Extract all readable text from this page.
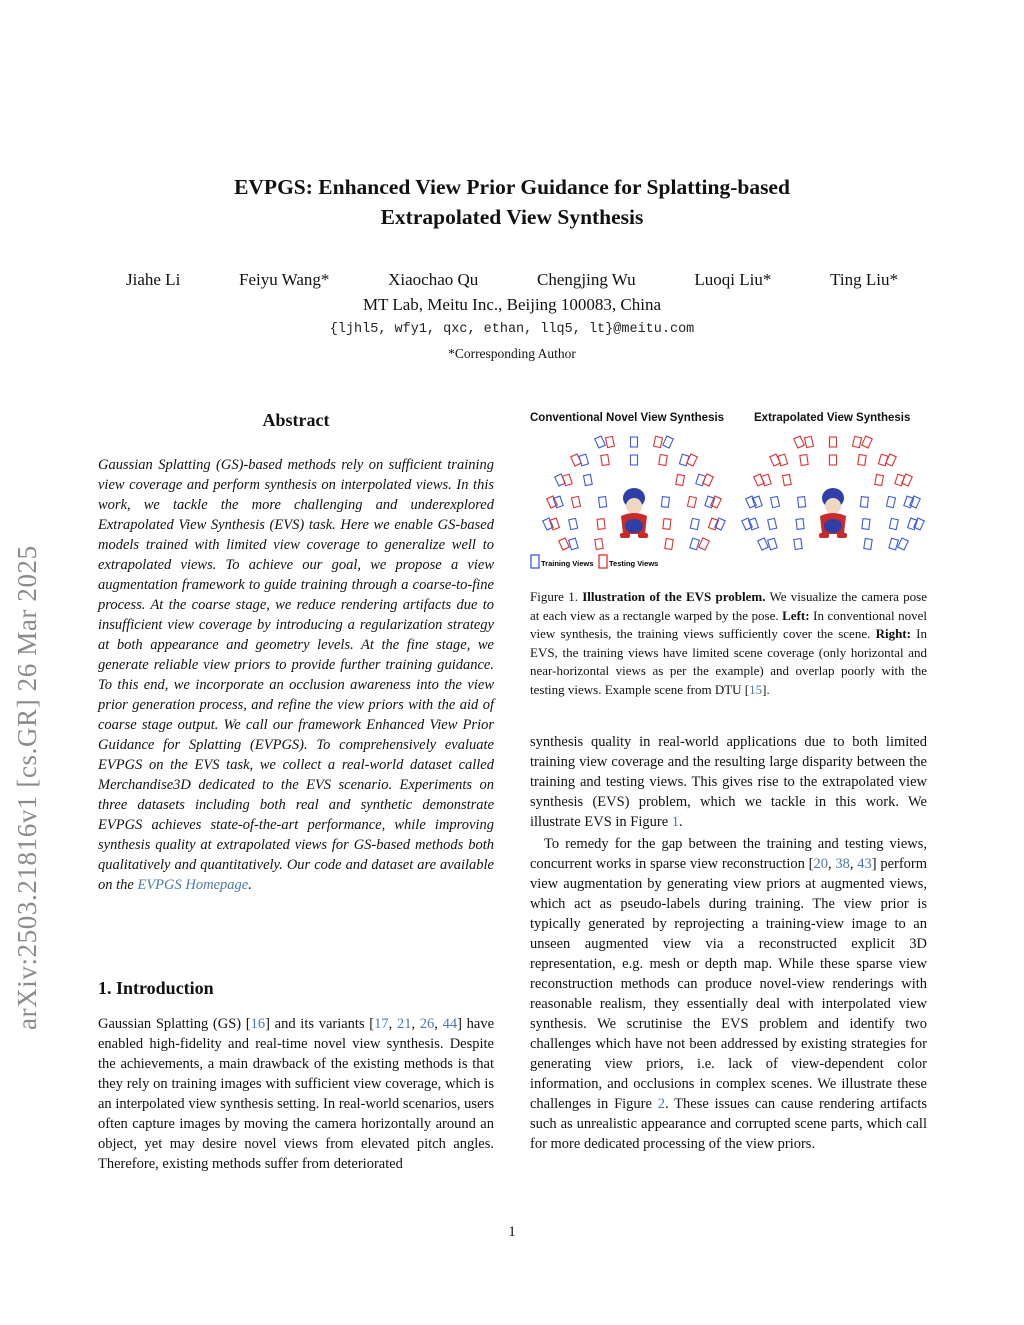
arXiv:2503.21816v1 [cs.GR] 26 Mar 2025
EVPGS: Enhanced View Prior Guidance for Splatting-based
Extrapolated View Synthesis
Jiahe Li	Feiyu Wang*	Xiaochao Qu	Chengjing Wu	Luoqi Liu*	Ting Liu*
MT Lab, Meitu Inc., Beijing 100083, China
{ljhl5, wfy1, qxc, ethan, llq5, lt}@meitu.com
*Corresponding Author
Abstract
Gaussian Splatting (GS)-based methods rely on sufficient training view coverage and perform synthesis on interpolated views. In this work, we tackle the more challenging and underexplored Extrapolated View Synthesis (EVS) task. Here we enable GS-based models trained with limited view coverage to generalize well to extrapolated views. To achieve our goal, we propose a view augmentation framework to guide training through a coarse-to-fine process. At the coarse stage, we reduce rendering artifacts due to insufficient view coverage by introducing a regularization strategy at both appearance and geometry levels. At the fine stage, we generate reliable view priors to provide further training guidance. To this end, we incorporate an occlusion awareness into the view prior generation process, and refine the view priors with the aid of coarse stage output. We call our framework Enhanced View Prior Guidance for Splatting (EVPGS). To comprehensively evaluate EVPGS on the EVS task, we collect a real-world dataset called Merchandise3D dedicated to the EVS scenario. Experiments on three datasets including both real and synthetic demonstrate EVPGS achieves state-of-the-art performance, while improving synthesis quality at extrapolated views for GS-based methods both qualitatively and quantitatively. Our code and dataset are available on the EVPGS Homepage.
1. Introduction

Gaussian Splatting (GS) [16] and its variants [17, 21, 26, 44] have enabled high-fidelity and real-time novel view synthesis. Despite the achievements, a main drawback of the existing methods is that they rely on training images with sufficient view coverage, which is an interpolated view synthesis setting. In real-world scenarios, users often capture images by moving the camera horizontally around an object, yet may desire novel views from elevated pitch angles. Therefore, existing methods suffer from deteriorated

Conventional Novel View Synthesis	Extrapolated View Synthesis
Training Views Testing Views
Figure 1. Illustration of the EVS problem. We visualize the camera pose at each view as a rectangle warped by the pose. Left: In conventional novel view synthesis, the training views sufficiently cover the scene. Right: In EVS, the training views have limited scene coverage (only horizontal and near-horizontal views as per the example) and overlap poorly with the testing views. Example scene from DTU [15].

synthesis quality in real-world applications due to both limited training view coverage and the resulting large disparity between the training and testing views. This gives rise to the extrapolated view synthesis (EVS) problem, which we tackle in this work. We illustrate EVS in Figure 1.

To remedy for the gap between the training and testing views, concurrent works in sparse view reconstruction [20, 38, 43] perform view augmentation by generating view priors at augmented views, which act as pseudo-labels during training. The view prior is typically generated by reprojecting a training-view image to an unseen augmented view via a reconstructed explicit 3D representation, e.g. mesh or depth map. While these sparse view reconstruction methods can produce novel-view renderings with reasonable realism, they essentially deal with interpolated view synthesis. We scrutinise the EVS problem and identify two challenges which have not been addressed by existing strategies for generating view priors, i.e. lack of view-dependent color information, and occlusions in complex scenes. We illustrate these challenges in Figure 2. These issues can cause rendering artifacts such as unrealistic appearance and corrupted scene parts, which call for more dedicated processing of the view priors.

1
